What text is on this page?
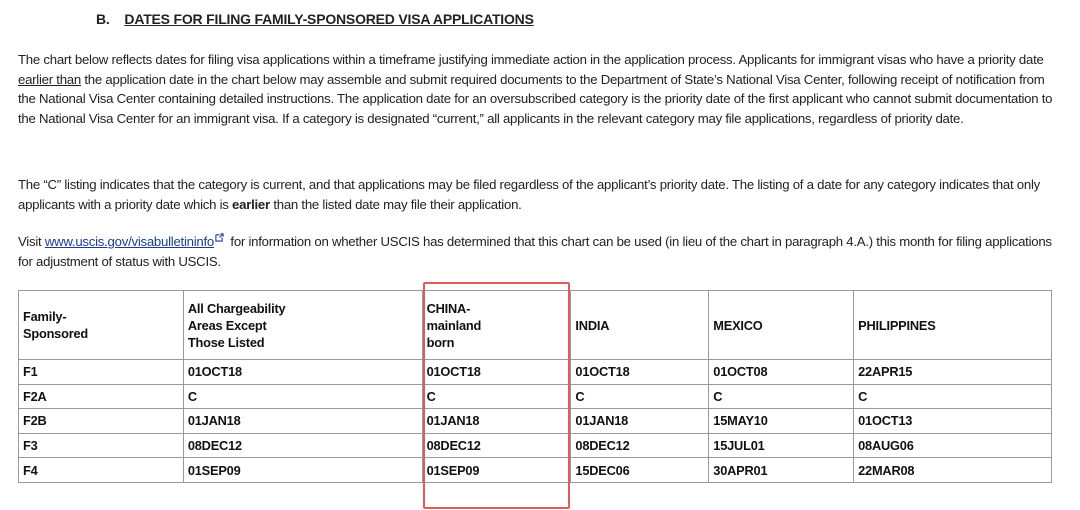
B. DATES FOR FILING FAMILY-SPONSORED VISA APPLICATIONS

The chart below reflects dates for filing visa applications within a timeframe justifying immediate action in the application process. Applicants for immigrant visas who have a priority date earlier than the application date in the chart below may assemble and submit required documents to the Department of State’s National Visa Center, following receipt of notification from the National Visa Center containing detailed instructions. The application date for an oversubscribed category is the priority date of the first applicant who cannot submit documentation to the National Visa Center for an immigrant visa. If a category is designated “current,” all applicants in the relevant category may file applications, regardless of priority date.

The “C” listing indicates that the category is current, and that applications may be filed regardless of the applicant’s priority date. The listing of a date for any category indicates that only applicants with a priority date which is earlier than the listed date may file their application.

Visit www.uscis.gov/visabulletininfo for information on whether USCIS has determined that this chart can be used (in lieu of the chart in paragraph 4.A.) this month for filing applications for adjustment of status with USCIS.

Family-
Sponsored	All Chargeability
Areas Except
Those Listed	CHINA-
mainland
born	INDIA	MEXICO	PHILIPPINES
F1	01OCT18	01OCT18	01OCT18	01OCT08	22APR15
F2A	C	C	C	C	C
F2B	01JAN18	01JAN18	01JAN18	15MAY10	01OCT13
F3	08DEC12	08DEC12	08DEC12	15JUL01	08AUG06
F4	01SEP09	01SEP09	15DEC06	30APR01	22MAR08
